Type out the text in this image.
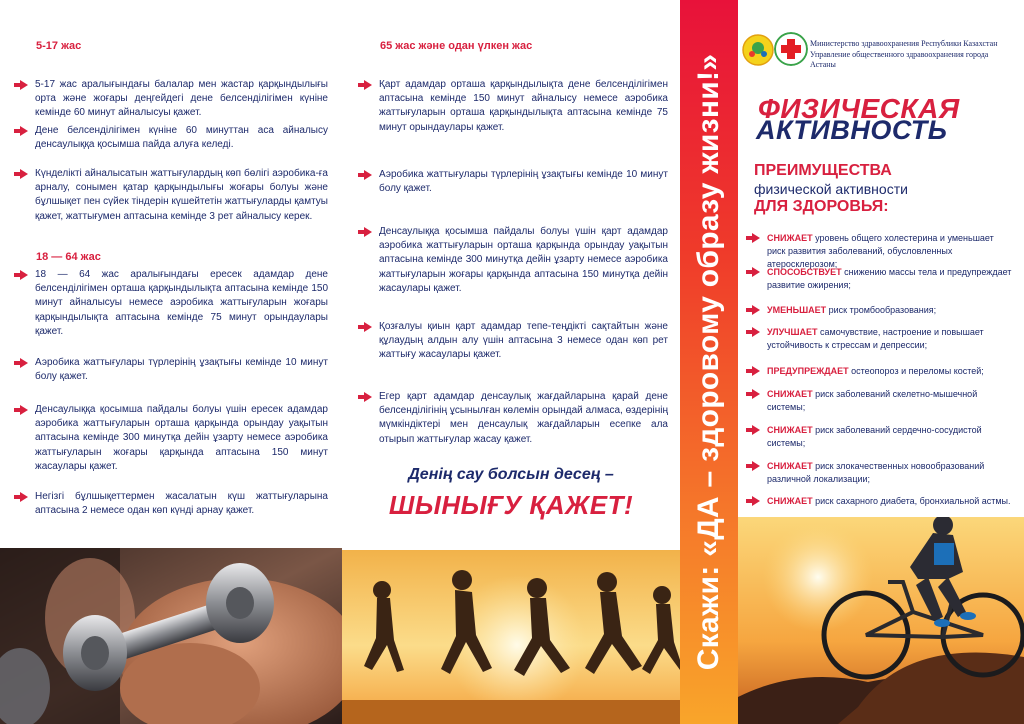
5-17 жас
5-17 жас аралығындағы балалар мен жастар қарқындылығы орта және жоғары деңгейдегі дене белсенділігімен күніне кемінде 60 минут айналысуы қажет.
Дене белсенділігімен күніне 60 минуттан аса айналысу денсаулыққа қосымша пайда алуға келеді.
Күнделікті айналысатын жаттығулардың көп бөлігі аэробика-ға арналу, сонымен қатар қарқындылығы жоғары болуы және бұлшықет пен сүйек тіндерін күшейтетін жаттығуларды қамтуы қажет, жаттығумен аптасына кемінде 3 рет айналысу керек.
18 — 64 жас
18 — 64 жас аралығындағы ересек адамдар дене белсенділігімен орташа қарқындылықта аптасына кемінде 150 минут айналысуы немесе аэробика жаттығуларын жоғары қарқындылықта аптасына кемінде 75 минут орындаулары қажет.
Аэробика жаттығулары түрлерінің ұзақтығы кемінде 10 минут болу қажет.
Денсаулыққа қосымша пайдалы болуы үшін ересек адамдар аэробика жаттығуларын орташа қарқында орындау уақытын аптасына кемінде 300 минутқа дейін ұзарту немесе аэробика жаттығуларын жоғары қарқында аптасына 150 минут жасаулары қажет.
Негізгі бұлшықеттермен жасалатын күш жаттығуларына аптасына 2 немесе одан көп күнді арнау қажет.
65 жас және одан үлкен жас
Қарт адамдар орташа қарқындылықта дене белсенділігімен аптасына кемінде 150 минут айналысу немесе аэробика жаттығуларын орташа қарқындылықта аптасына кемінде 75 минут орындаулары қажет.
Аэробика жаттығулары түрлерінің ұзақтығы кемінде 10 минут болу қажет.
Денсаулыққа қосымша пайдалы болуы үшін қарт адамдар аэробика жаттығуларын орташа қарқында орындау уақытын аптасына кемінде 300 минутқа дейін ұзарту немесе аэробика жаттығуларын жоғары қарқында аптасына 150 минутқа дейін жасаулары қажет.
Қозғалуы қиын қарт адамдар тепе-теңдікті сақтайтын және құлаудың алдын алу үшін аптасына 3 немесе одан көп рет жаттығу жасаулары қажет.
Егер қарт адамдар денсаулық жағдайларына қарай дене белсенділігінің ұсынылған көлемін орындай алмаса, өздерінің мүмкіндіктері мен денсаулық жағдайларын есепке ала отырып жаттығулар жасау қажет.
Денің сау болсын десең –
ШЫНЫҒУ ҚАЖЕТ!	Скажи: «ДА – здоровому образу жизни!»
Министерство здравоохранения Республики Казахстан
Управление общественного здравоохранения города Астаны
ФИЗИЧЕСКАЯ
АКТИВНОСТЬ
ПРЕИМУЩЕСТВА
физической активности
ДЛЯ ЗДОРОВЬЯ:
СНИЖАЕТ уровень общего холестерина и уменьшает риск развития заболеваний, обусловленных атеросклерозом;
СПОСОБСТВУЕТ снижению массы тела и предупреждает развитие ожирения;
УМЕНЬШАЕТ риск тромбообразования;
УЛУЧШАЕТ самочувствие, настроение и повышает устойчивость к стрессам и депрессии;
ПРЕДУПРЕЖДАЕТ остеопороз и переломы костей;
СНИЖАЕТ риск заболеваний скелетно-мышечной системы;
СНИЖАЕТ риск заболеваний сердечно-сосудистой системы;
СНИЖАЕТ риск злокачественных новообразований различной локализации;
СНИЖАЕТ риск сахарного диабета, бронхиальной астмы.
